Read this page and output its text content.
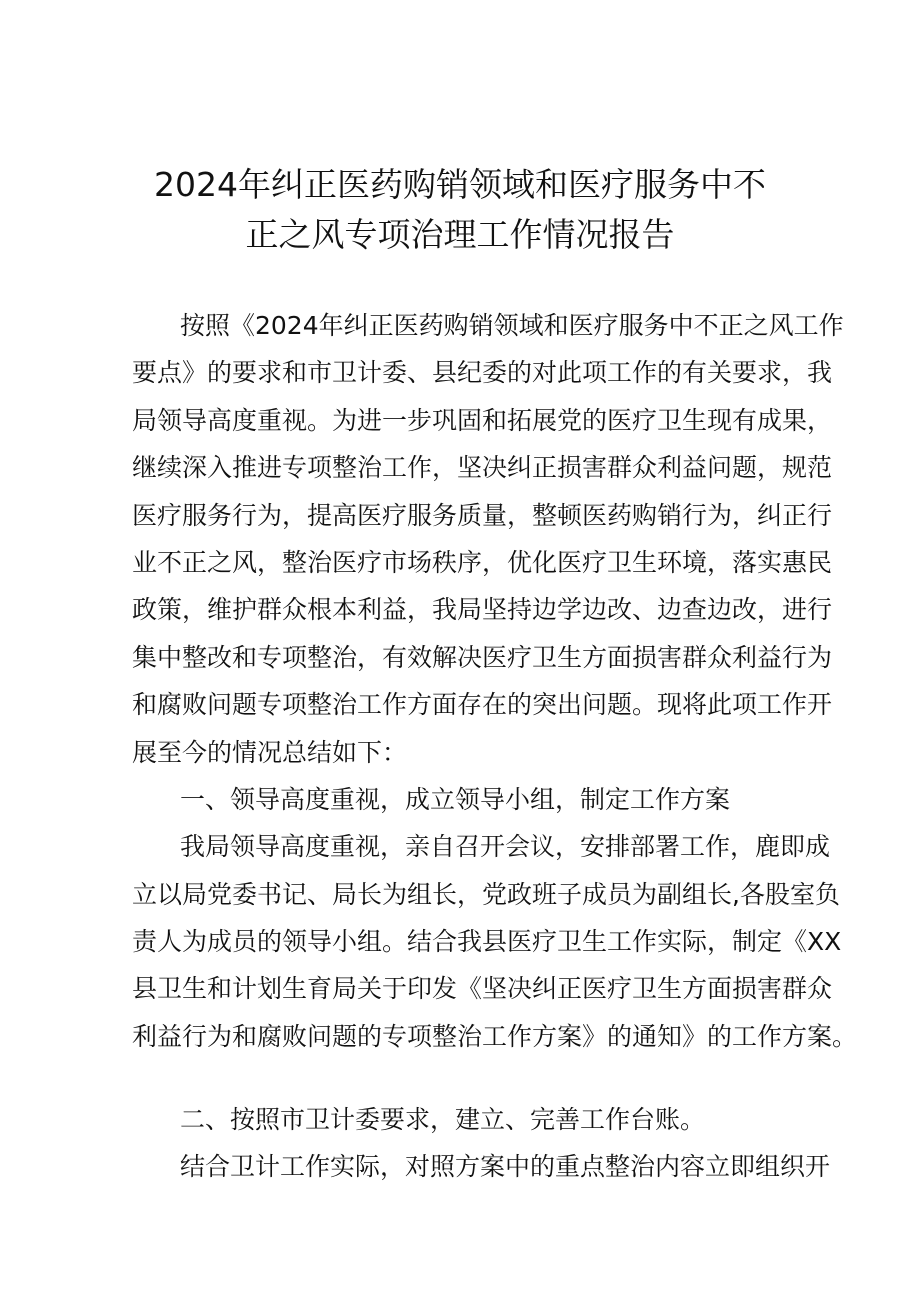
2024年纠正医药购销领域和医疗服务中不
正之风专项治理工作情况报告
按照《2024年纠正医药购销领域和医疗服务中不正之风工作
要点》的要求和市卫计委、县纪委的对此项工作的有关要求，我
局领导高度重视。为进一步巩固和拓展党的医疗卫生现有成果，
继续深入推进专项整治工作，坚决纠正损害群众利益问题，规范
医疗服务行为，提高医疗服务质量，整顿医药购销行为，纠正行
业不正之风，整治医疗市场秩序，优化医疗卫生环境，落实惠民
政策，维护群众根本利益，我局坚持边学边改、边查边改，进行
集中整改和专项整治，有效解决医疗卫生方面损害群众利益行为
和腐败问题专项整治工作方面存在的突出问题。现将此项工作开
展至今的情况总结如下：
一、领导高度重视，成立领导小组，制定工作方案
我局领导高度重视，亲自召开会议，安排部署工作，鹿即成
立以局党委书记、局长为组长，党政班子成员为副组长,各股室负
责人为成员的领导小组。结合我县医疗卫生工作实际，制定《XX
县卫生和计划生育局关于印发《坚决纠正医疗卫生方面损害群众
利益行为和腐败问题的专项整治工作方案》的通知》的工作方案。
二、按照市卫计委要求，建立、完善工作台账。
结合卫计工作实际，对照方案中的重点整治内容立即组织开
